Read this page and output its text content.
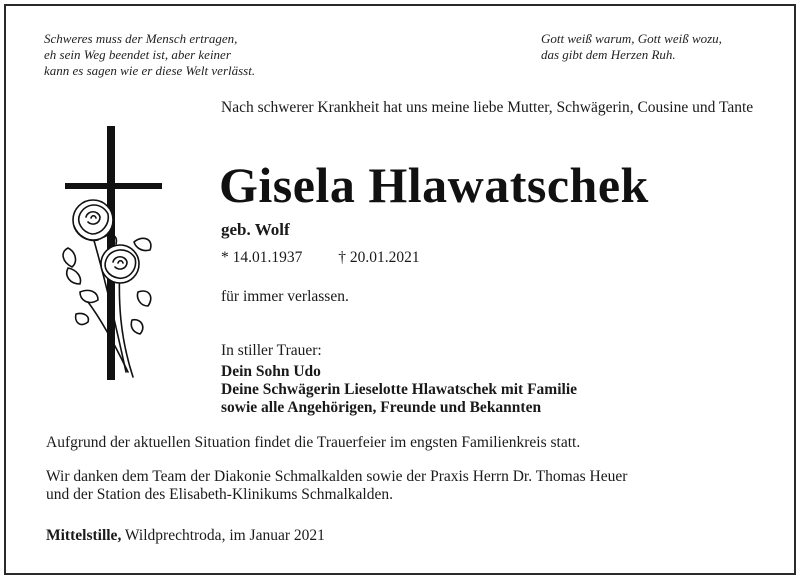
Schweres muss der Mensch ertragen,
eh sein Weg beendet ist, aber keiner
kann es sagen wie er diese Welt verlässt.
Gott weiß warum, Gott weiß wozu,
das gibt dem Herzen Ruh.
Nach schwerer Krankheit hat uns meine liebe Mutter, Schwägerin, Cousine und Tante
Gisela Hlawatschek
geb. Wolf
* 14.01.1937 † 20.01.2021
für immer verlassen.
In stiller Trauer:
Dein Sohn Udo
Deine Schwägerin Lieselotte Hlawatschek mit Familie
sowie alle Angehörigen, Freunde und Bekannten
Aufgrund der aktuellen Situation findet die Trauerfeier im engsten Familienkreis statt.
Wir danken dem Team der Diakonie Schmalkalden sowie der Praxis Herrn Dr. Thomas Heuer
und der Station des Elisabeth-Klinikums Schmalkalden.
Mittelstille, Wildprechtroda, im Januar 2021
